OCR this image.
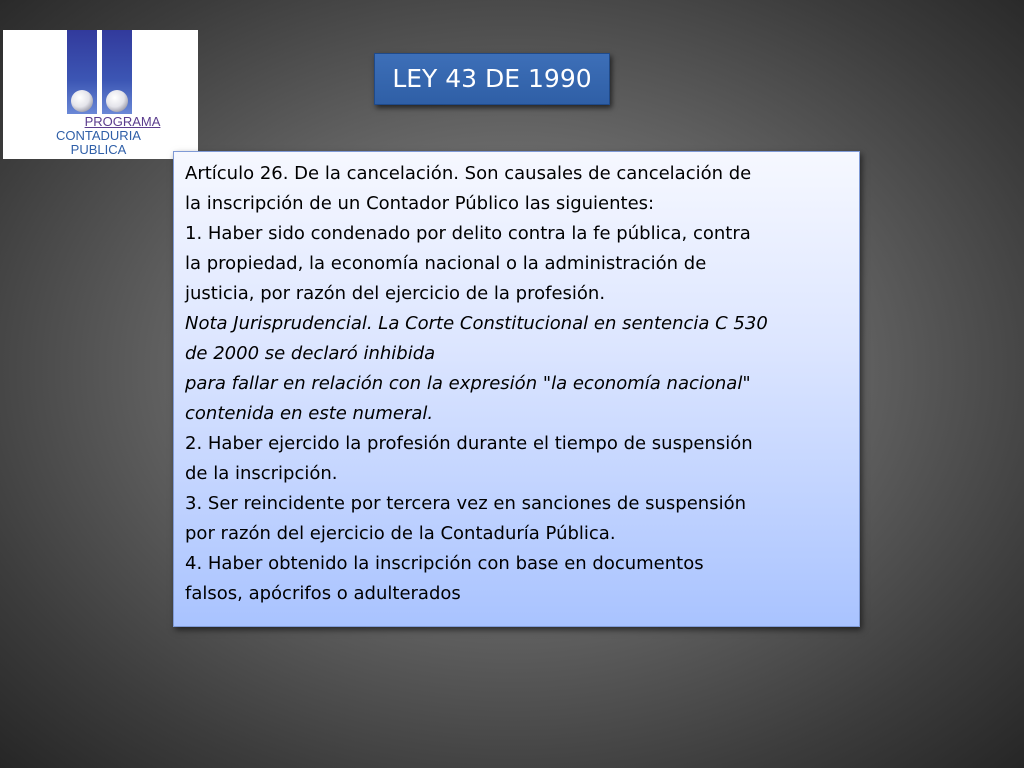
PROGRAMA
CONTADURIA
PUBLICA
LEY 43 DE 1990

Artículo 26. De la cancelación. Son causales de cancelación de

la inscripción de un Contador Público las siguientes:

1. Haber sido condenado por delito contra la fe pública, contra

la propiedad, la economía nacional o la administración de

justicia, por razón del ejercicio de la profesión.

Nota Jurisprudencial. La Corte Constitucional en sentencia C 530

de 2000 se declaró inhibida

para fallar en relación con la expresión "la economía nacional"

contenida en este numeral.

2. Haber ejercido la profesión durante el tiempo de suspensión

de la inscripción.

3. Ser reincidente por tercera vez en sanciones de suspensión

por razón del ejercicio de la Contaduría Pública.

4. Haber obtenido la inscripción con base en documentos

falsos, apócrifos o adulterados
